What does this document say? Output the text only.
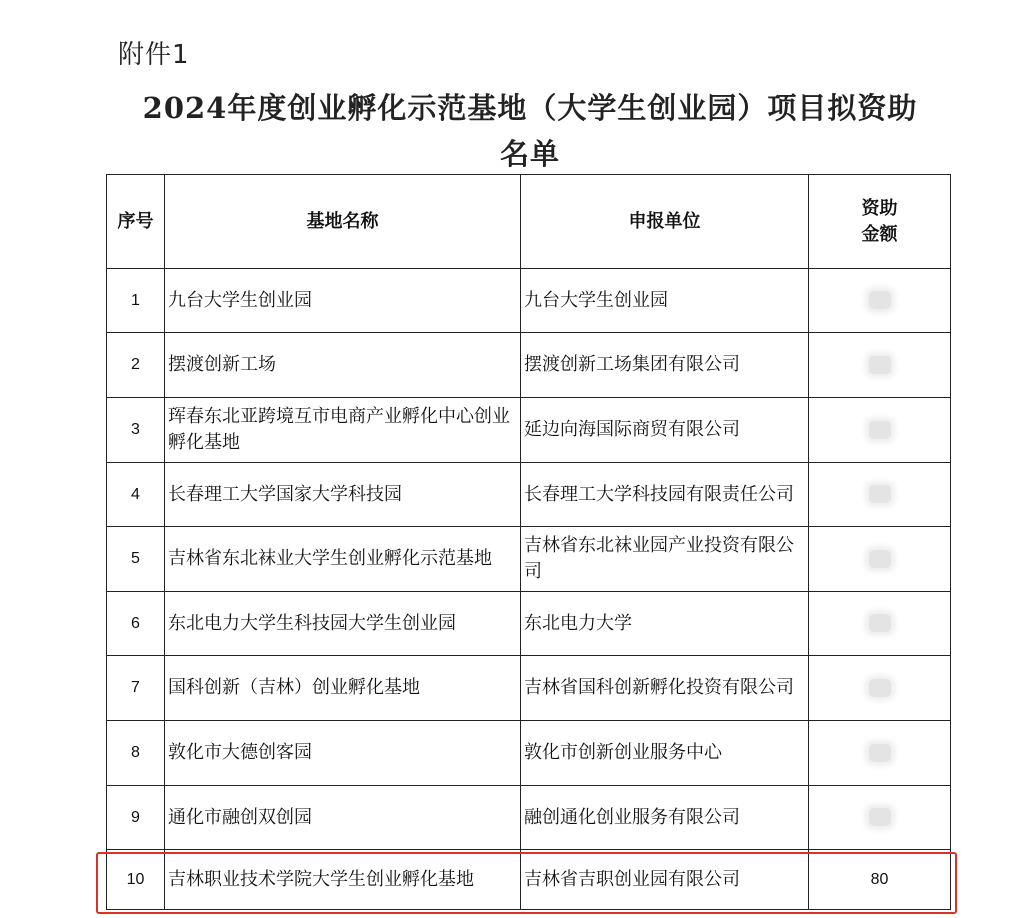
附件1
2024年度创业孵化示范基地（大学生创业园）项目拟资助
名单
序号	基地名称	申报单位	资助
金额

1	九台大学生创业园	九台大学生创业园	
2	摆渡创新工场	摆渡创新工场集团有限公司	
3	珲春东北亚跨境互市电商产业孵化中心创业孵化基地	延边向海国际商贸有限公司	
4	长春理工大学国家大学科技园	长春理工大学科技园有限责任公司	
5	吉林省东北袜业大学生创业孵化示范基地	吉林省东北袜业园产业投资有限公司	
6	东北电力大学生科技园大学生创业园	东北电力大学	
7	国科创新（吉林）创业孵化基地	吉林省国科创新孵化投资有限公司	
8	敦化市大德创客园	敦化市创新创业服务中心	
9	通化市融创双创园	融创通化创业服务有限公司	
10	吉林职业技术学院大学生创业孵化基地	吉林省吉职创业园有限公司	80
